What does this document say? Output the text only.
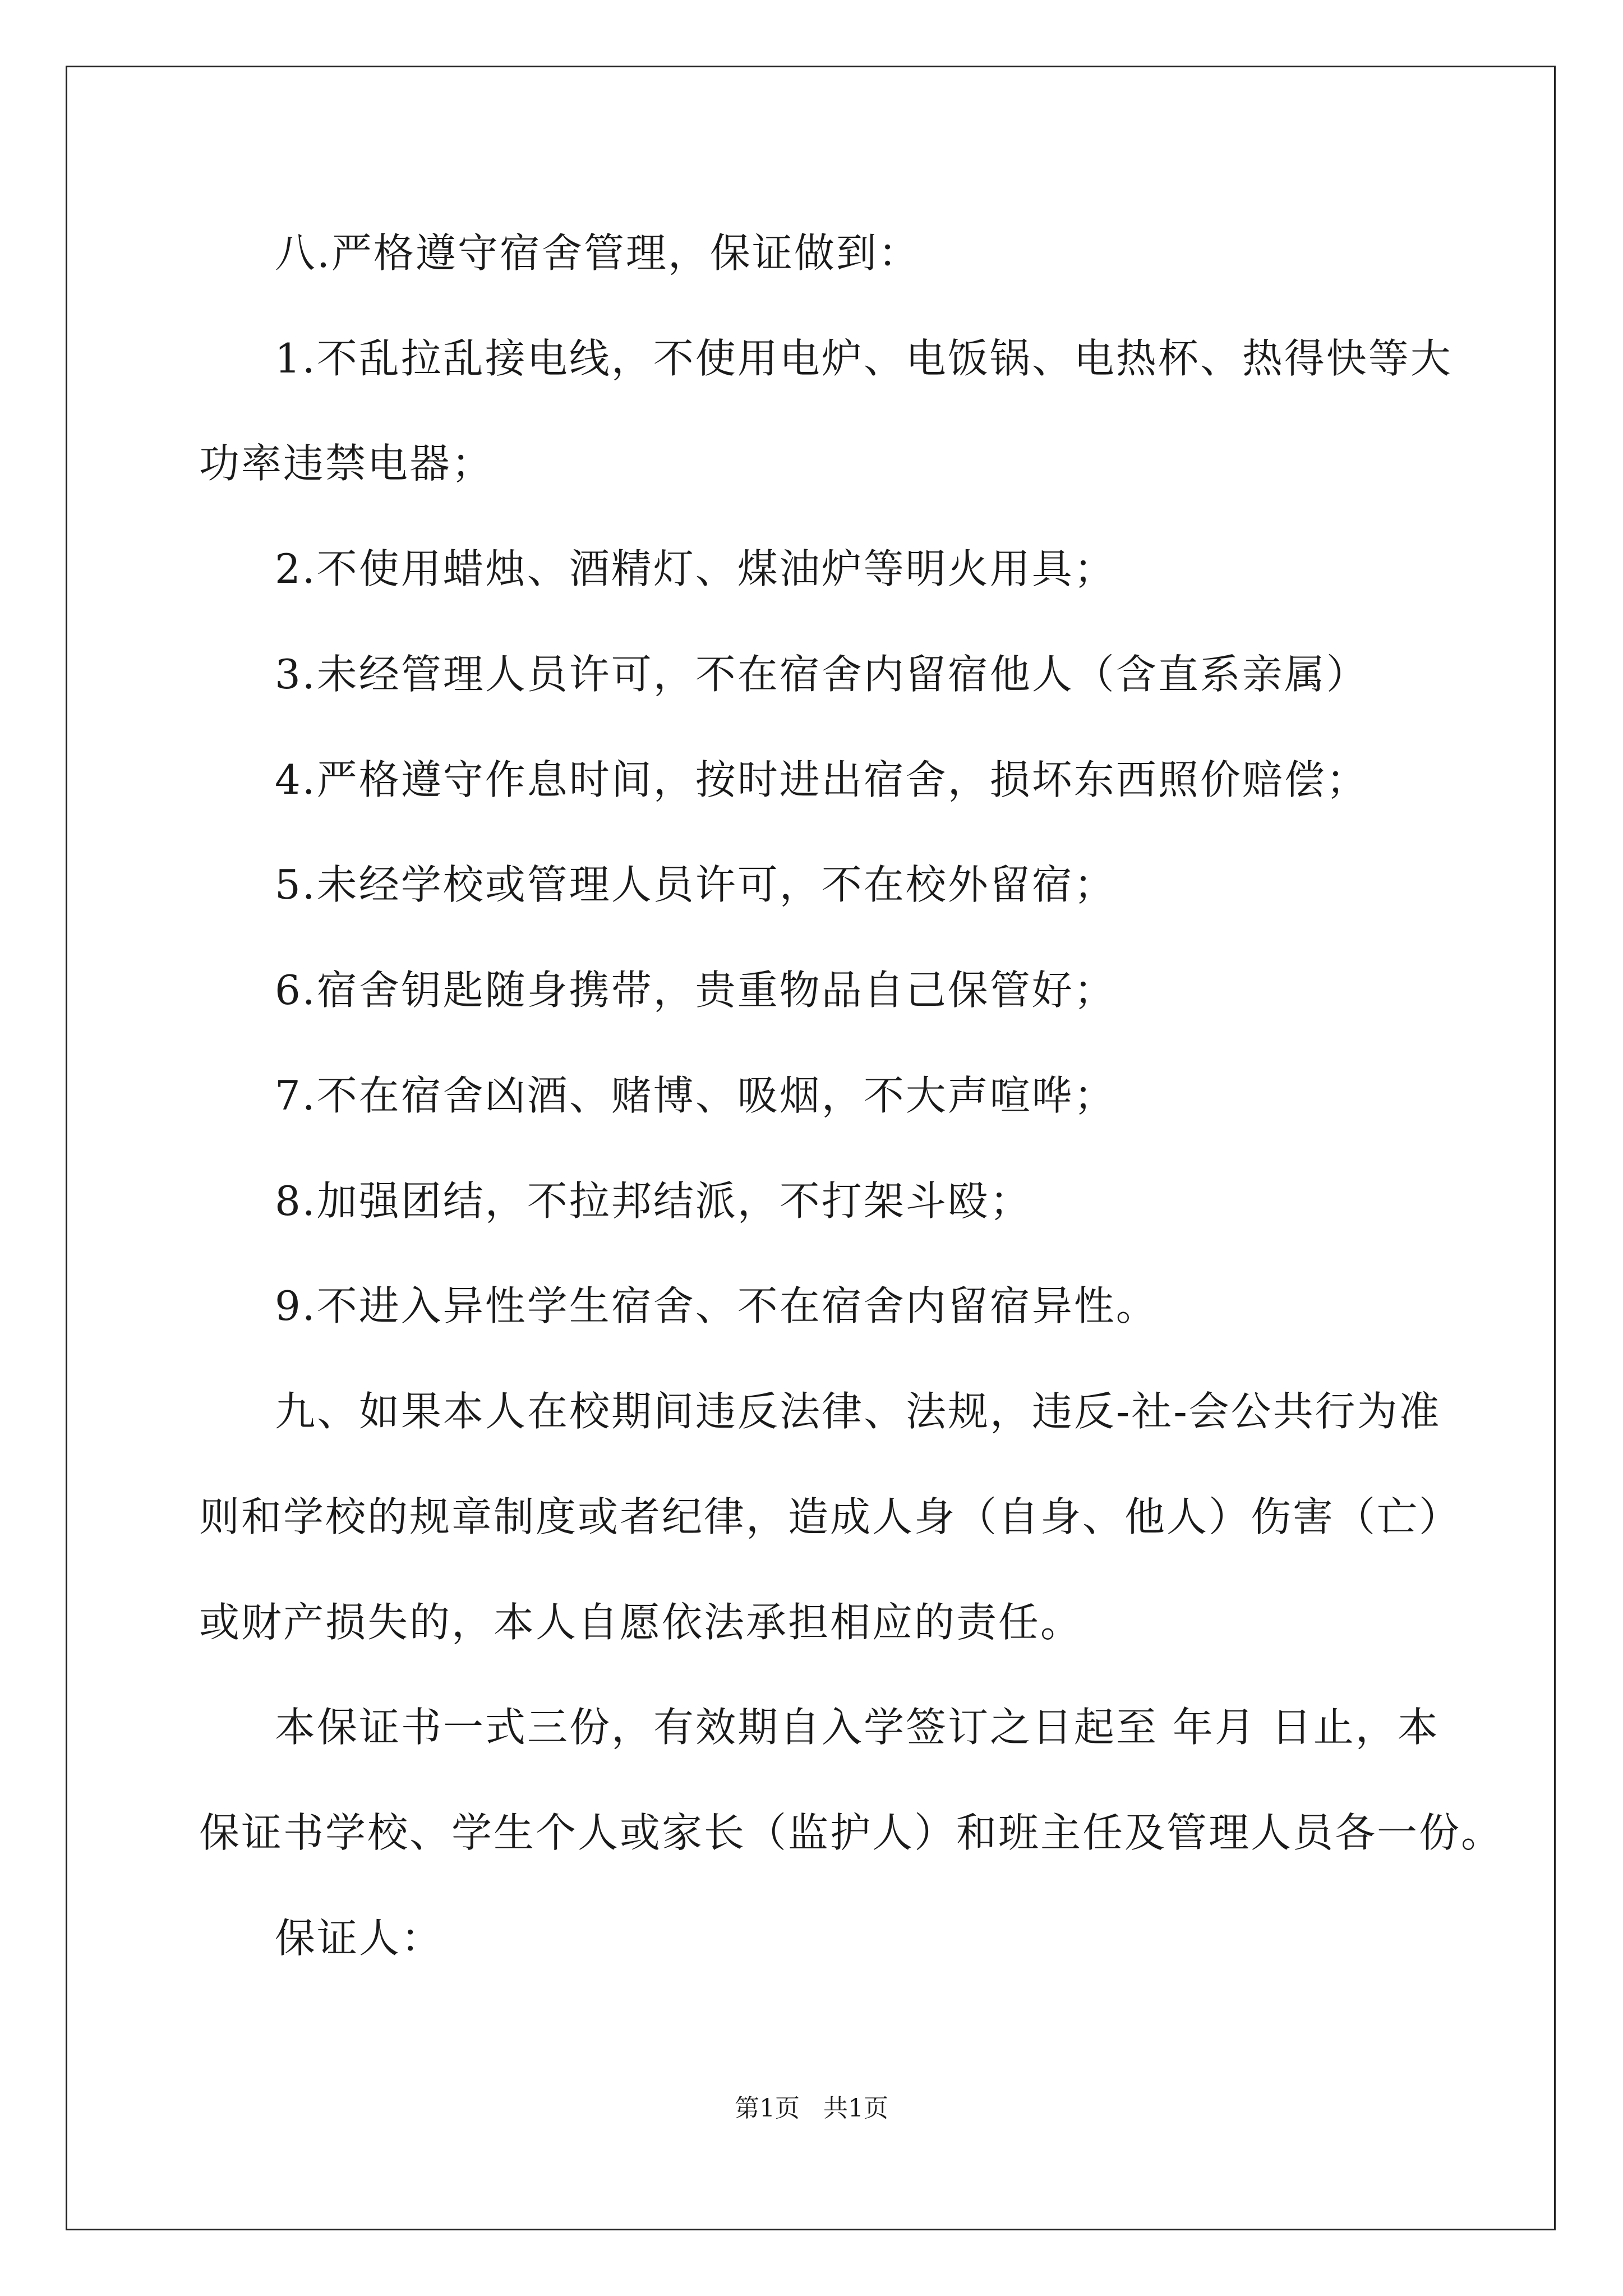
八.严格遵守宿舍管理，保证做到：

1.不乱拉乱接电线，不使用电炉、电饭锅、电热杯、热得快等大

功率违禁电器；

2.不使用蜡烛、酒精灯、煤油炉等明火用具；

3.未经管理人员许可，不在宿舍内留宿他人（含直系亲属）

4.严格遵守作息时间，按时进出宿舍，损坏东西照价赔偿；

5.未经学校或管理人员许可，不在校外留宿；

6.宿舍钥匙随身携带，贵重物品自己保管好；

7.不在宿舍凶酒、赌博、吸烟，不大声喧哗；

8.加强团结，不拉邦结派，不打架斗殴；

9.不进入异性学生宿舍、不在宿舍内留宿异性。

九、如果本人在校期间违反法律、法规，违反-社-会公共行为准

则和学校的规章制度或者纪律，造成人身（自身、他人）伤害（亡）

或财产损失的，本人自愿依法承担相应的责任。

本保证书一式三份，有效期自入学签订之日起至 年月 日止，本

保证书学校、学生个人或家长（监护人）和班主任及管理人员各一份。

保证人：

第1页   共1页
